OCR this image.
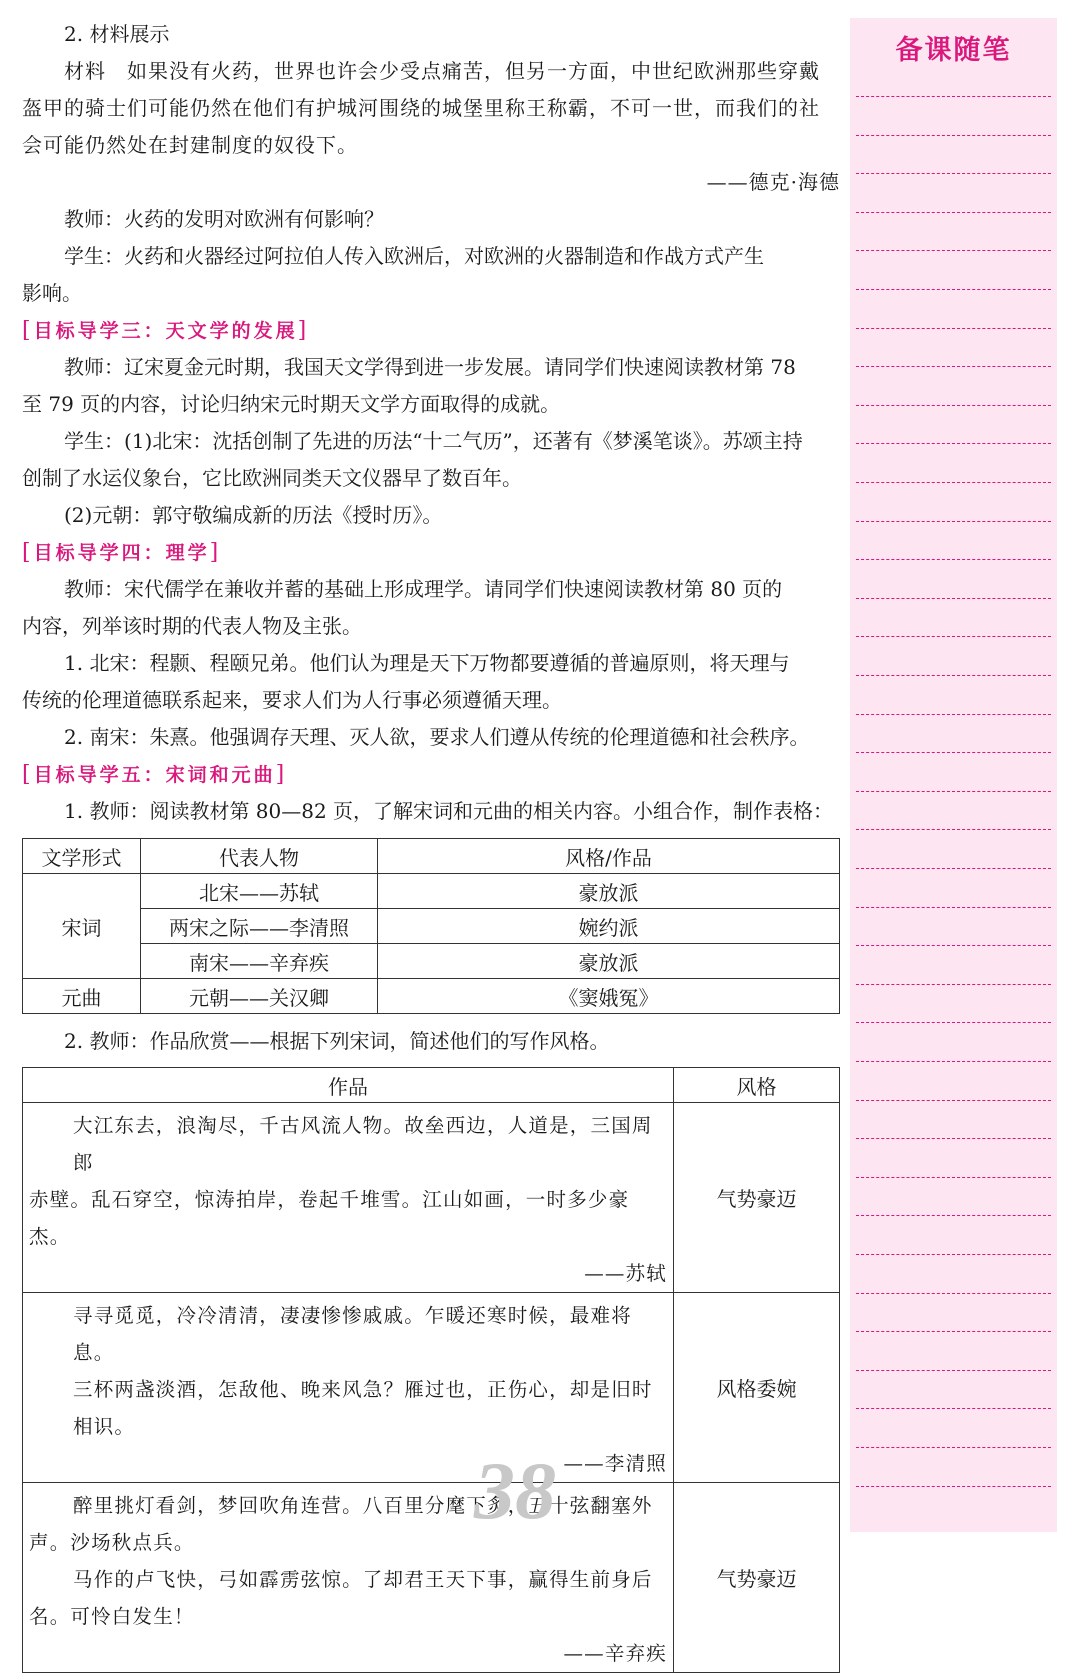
2. 材料展示
材料　如果没有火药，世界也许会少受点痛苦，但另一方面，中世纪欧洲那些穿戴
盔甲的骑士们可能仍然在他们有护城河围绕的城堡里称王称霸，不可一世，而我们的社
会可能仍然处在封建制度的奴役下。
——德克·海德
教师：火药的发明对欧洲有何影响？
学生：火药和火器经过阿拉伯人传入欧洲后，对欧洲的火器制造和作战方式产生
影响。
[目标导学三：天文学的发展]
教师：辽宋夏金元时期，我国天文学得到进一步发展。请同学们快速阅读教材第 78
至 79 页的内容，讨论归纳宋元时期天文学方面取得的成就。
学生：(1)北宋：沈括创制了先进的历法“十二气历”，还著有《梦溪笔谈》。苏颂主持
创制了水运仪象台，它比欧洲同类天文仪器早了数百年。
(2)元朝：郭守敬编成新的历法《授时历》。
[目标导学四：理学]
教师：宋代儒学在兼收并蓄的基础上形成理学。请同学们快速阅读教材第 80 页的
内容，列举该时期的代表人物及主张。
1. 北宋：程颢、程颐兄弟。他们认为理是天下万物都要遵循的普遍原则，将天理与
传统的伦理道德联系起来，要求人们为人行事必须遵循天理。
2. 南宋：朱熹。他强调存天理、灭人欲，要求人们遵从传统的伦理道德和社会秩序。
[目标导学五：宋词和元曲]
1. 教师：阅读教材第 80—82 页，了解宋词和元曲的相关内容。小组合作，制作表格：
文学形式	代表人物	风格/作品
宋词	北宋——苏轼	豪放派
	两宋之际——李清照	婉约派
	南宋——辛弃疾	豪放派
元曲	元朝——关汉卿	《窦娥冤》
2. 教师：作品欣赏——根据下列宋词，简述他们的写作风格。
作品	风格

大江东去，浪淘尽，千古风流人物。故垒西边，人道是，三国周郎
赤壁。乱石穿空，惊涛拍岸，卷起千堆雪。江山如画，一时多少豪杰。
——苏轼	气势豪迈

寻寻觅觅，冷冷清清，凄凄惨惨戚戚。乍暖还寒时候，最难将息。
三杯两盏淡酒，怎敌他、晚来风急？雁过也，正伤心，却是旧时相识。
——李清照	风格委婉

醉里挑灯看剑，梦回吹角连营。八百里分麾下炙，五十弦翻塞外
声。沙场秋点兵。
马作的卢飞快，弓如霹雳弦惊。了却君王天下事，赢得生前身后
名。可怜白发生！
——辛弃疾	气势豪迈
38
备课随笔
